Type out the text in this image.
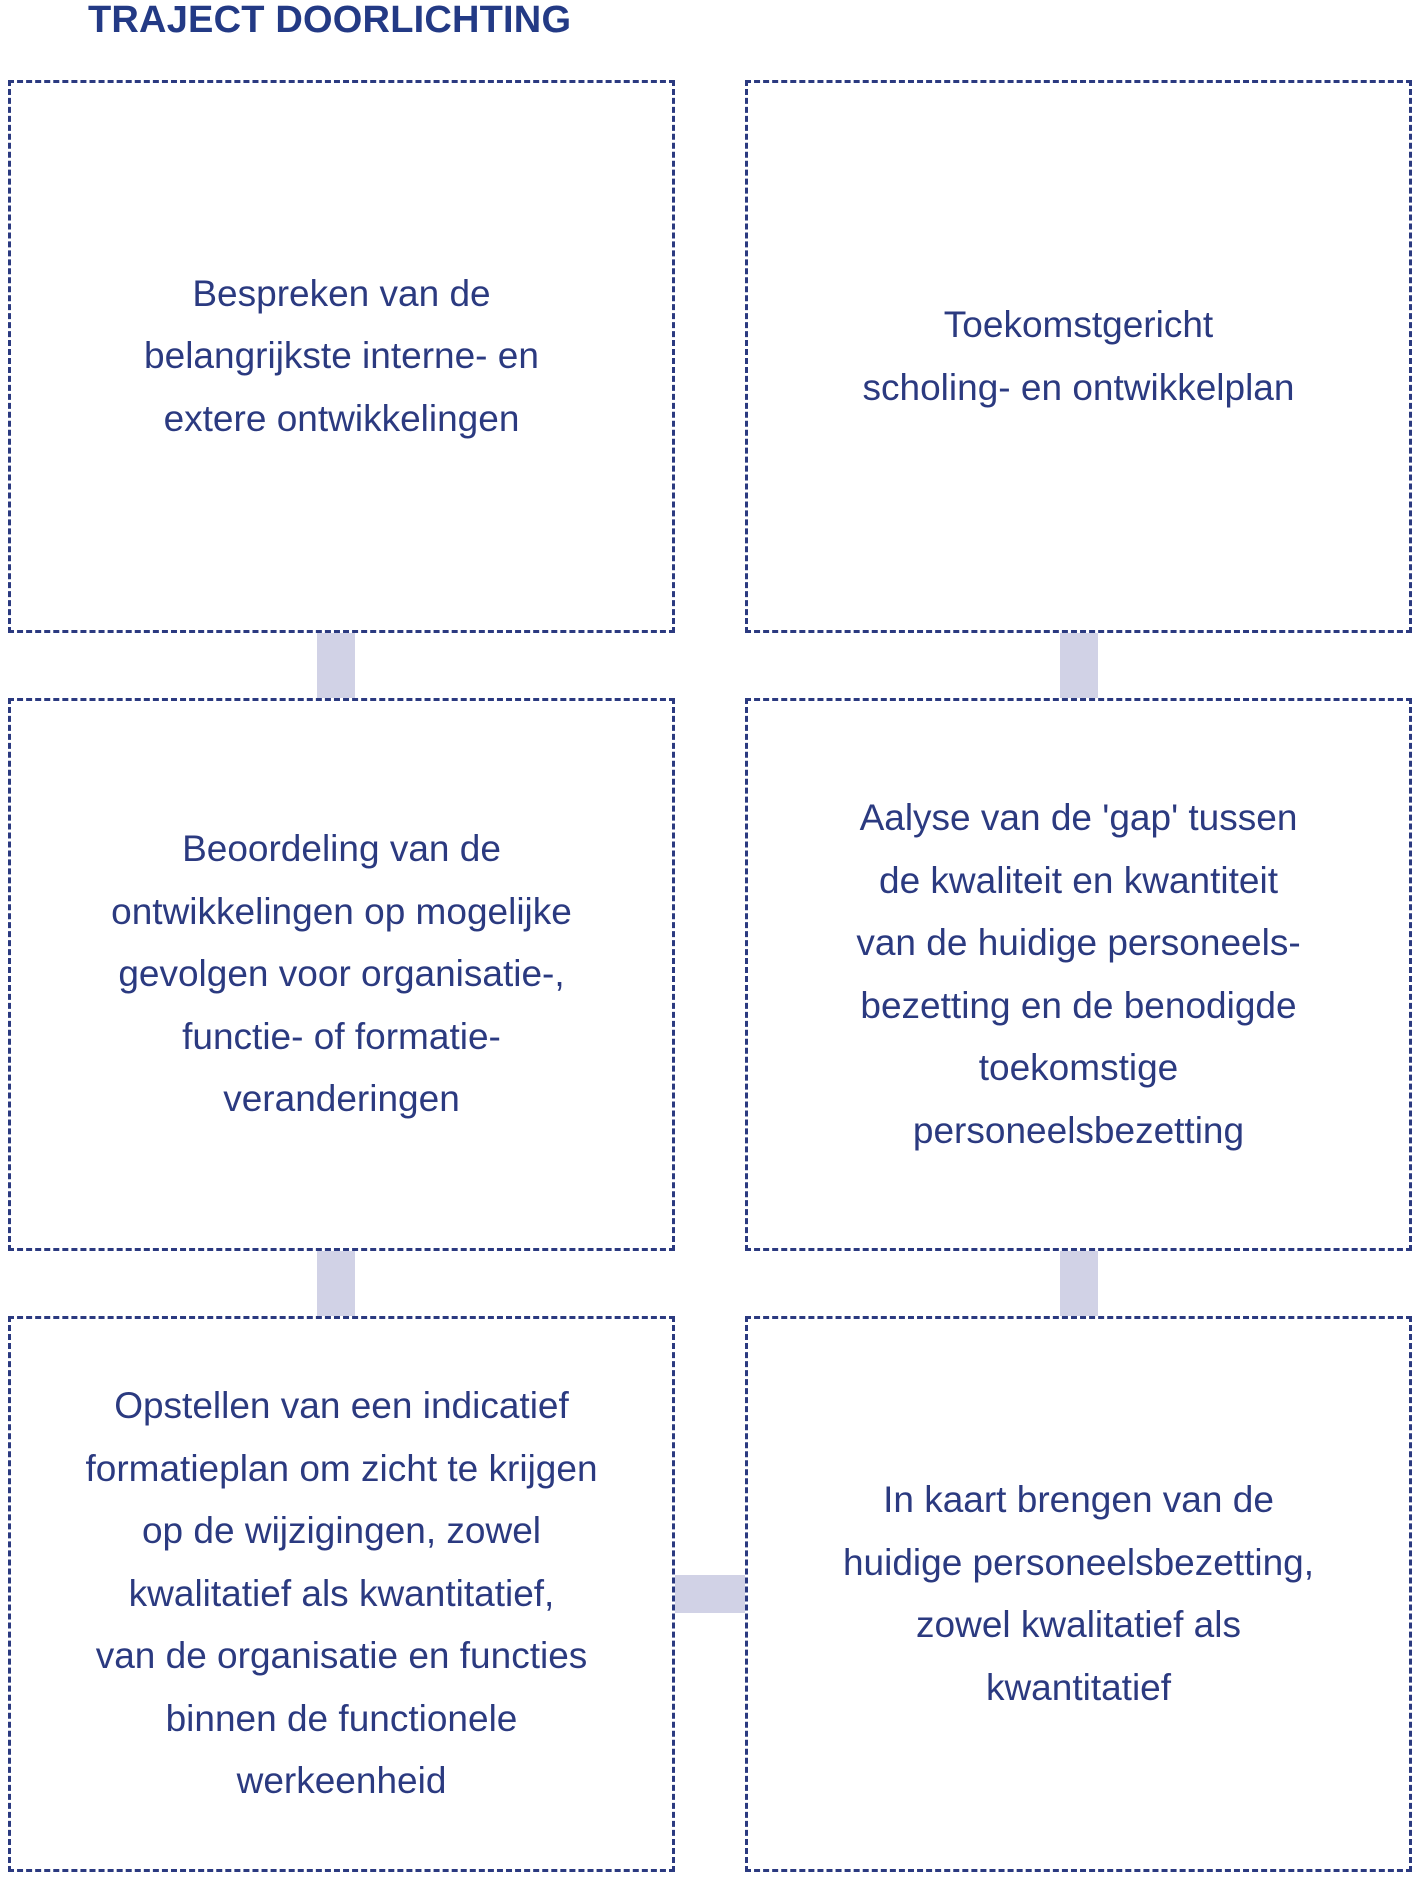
TRAJECT DOORLICHTING
Bespreken van de
belangrijkste interne- en
extere ontwikkelingen
Beoordeling van de
ontwikkelingen op mogelijke
gevolgen voor organisatie-,
functie- of formatie-
veranderingen
Opstellen van een indicatief
formatieplan om zicht te krijgen
op de wijzigingen, zowel
kwalitatief als kwantitatief,
van de organisatie en functies
binnen de functionele
werkeenheid
Toekomstgericht
scholing- en ontwikkelplan
Aalyse van de 'gap' tussen
de kwaliteit en kwantiteit
van de huidige personeels-
bezetting en de benodigde
toekomstige
personeelsbezetting
In kaart brengen van de
huidige personeelsbezetting,
zowel kwalitatief als
kwantitatief
